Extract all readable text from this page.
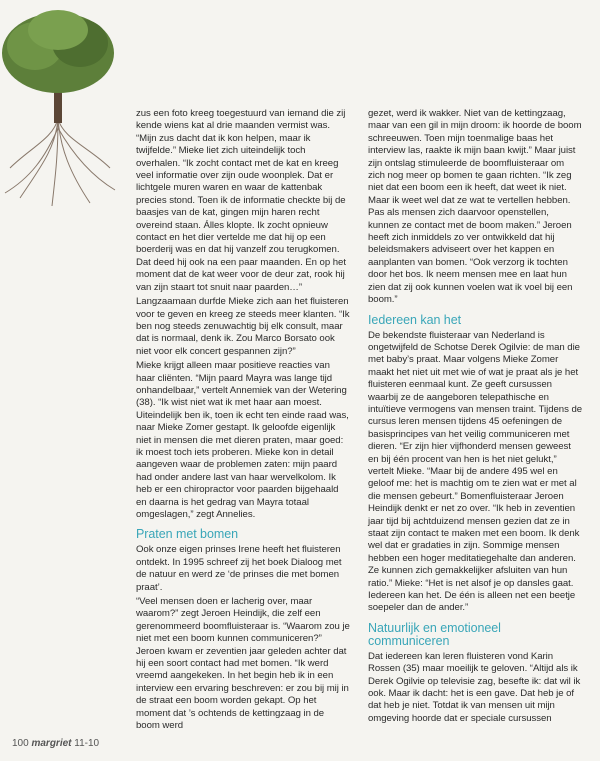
zus een foto kreeg toegestuurd van iemand die zij kende wiens kat al drie maanden vermist was. “Mijn zus dacht dat ik kon helpen, maar ik twijfelde.” Mieke liet zich uiteindelijk toch overhalen. “Ik zocht contact met de kat en kreeg veel informatie over zijn oude woonplek. Dat er lichtgele muren waren en waar de kattenbak precies stond. Toen ik de informatie checkte bij de baasjes van de kat, gingen mijn haren recht overeind staan. Álles klopte. Ik zocht opnieuw contact en het dier vertelde me dat hij op een boerderij was en dat hij vanzelf zou terugkomen. Dat deed hij ook na een paar maanden. En op het moment dat de kat weer voor de deur zat, rook hij van zijn staart tot snuit naar paarden…”

Langzaamaan durfde Mieke zich aan het fluisteren voor te geven en kreeg ze steeds meer klanten. “Ik ben nog steeds zenuwachtig bij elk consult, maar dat is normaal, denk ik. Zou Marco Borsato ook niet voor elk concert gespannen zijn?”

Mieke krijgt alleen maar positieve reacties van haar cliënten. “Mijn paard Mayra was lange tijd onhandelbaar,” vertelt Annemiek van der Wetering (38). “Ik wist niet wat ik met haar aan moest. Uiteindelijk ben ik, toen ik echt ten einde raad was, naar Mieke Zomer gestapt. Ik geloofde eigenlijk niet in mensen die met dieren praten, maar goed: ik moest toch iets proberen. Mieke kon in detail aangeven waar de problemen zaten: mijn paard had onder andere last van haar wervelkolom. Ik heb er een chiropractor voor paarden bijgehaald en daarna is het gedrag van Mayra totaal omgeslagen,” zegt Annelies.

Praten met bomen

Ook onze eigen prinses Irene heeft het fluisteren ontdekt. In 1995 schreef zij het boek Dialoog met de natuur en werd ze ‘de prinses die met bomen praat’.

“Veel mensen doen er lacherig over, maar waarom?” zegt Jeroen Heindijk, die zelf een gerenommeerd boomfluisteraar is. “Waarom zou je niet met een boom kunnen communiceren?” Jeroen kwam er zeventien jaar geleden achter dat hij een soort contact had met bomen. “Ik werd vreemd aangekeken. In het begin heb ik in een interview een ervaring beschreven: er zou bij mij in de straat een boom worden gekapt. Op het moment dat ’s ochtends de kettingzaag in de boom werd

gezet, werd ik wakker. Niet van de kettingzaag, maar van een gil in mijn droom: ik hoorde de boom schreeuwen. Toen mijn toenmalige baas het interview las, raakte ik mijn baan kwijt.” Maar juist zijn ontslag stimuleerde de boomfluisteraar om zich nog meer op bomen te gaan richten. “Ik zeg niet dat een boom een ik heeft, dat weet ik niet. Maar ik weet wel dat ze wat te vertellen hebben. Pas als mensen zich daarvoor openstellen, kunnen ze contact met de boom maken.” Jeroen heeft zich inmiddels zo ver ontwikkeld dat hij beleidsmakers adviseert over het kappen en aanplanten van bomen. “Ook verzorg ik tochten door het bos. Ik neem mensen mee en laat hun zien dat zij ook kunnen voelen wat ik voel bij een boom.”

Iedereen kan het

De bekendste fluisteraar van Nederland is ongetwijfeld de Schotse Derek Ogilvie: de man die met baby’s praat. Maar volgens Mieke Zomer maakt het niet uit met wie of wat je praat als je het fluisteren eenmaal kunt. Ze geeft cursussen waarbij ze de aangeboren telepathische en intuïtieve vermogens van mensen traint. Tijdens de cursus leren mensen tijdens 45 oefeningen de basisprincipes van het veilig communiceren met dieren. “Er zijn hier vijfhonderd mensen geweest en bij één procent van hen is het niet gelukt,” vertelt Mieke. “Maar bij de andere 495 wel en geloof me: het is machtig om te zien wat er met al die mensen gebeurt.” Bomenfluisteraar Jeroen Heindijk denkt er net zo over. “Ik heb in zeventien jaar tijd bij achtduizend mensen gezien dat ze in staat zijn contact te maken met een boom. Ik denk wel dat er gradaties in zijn. Sommige mensen hebben een hoger meditatiegehalte dan anderen. Ze kunnen zich gemakkelijker afsluiten van hun ratio.” Mieke: “Het is net alsof je op dansles gaat. Iedereen kan het. De één is alleen net een beetje soepeler dan de ander.”

Natuurlijk en emotioneel communiceren

Dat iedereen kan leren fluisteren vond Karin Rossen (35) maar moeilijk te geloven. “Altijd als ik Derek Ogilvie op televisie zag, besefte ik: dat wil ik ook. Maar ik dacht: het is een gave. Dat heb je of dat heb je niet. Totdat ik van mensen uit mijn omgeving hoorde dat er speciale cursussen

100 margriet 11-10
